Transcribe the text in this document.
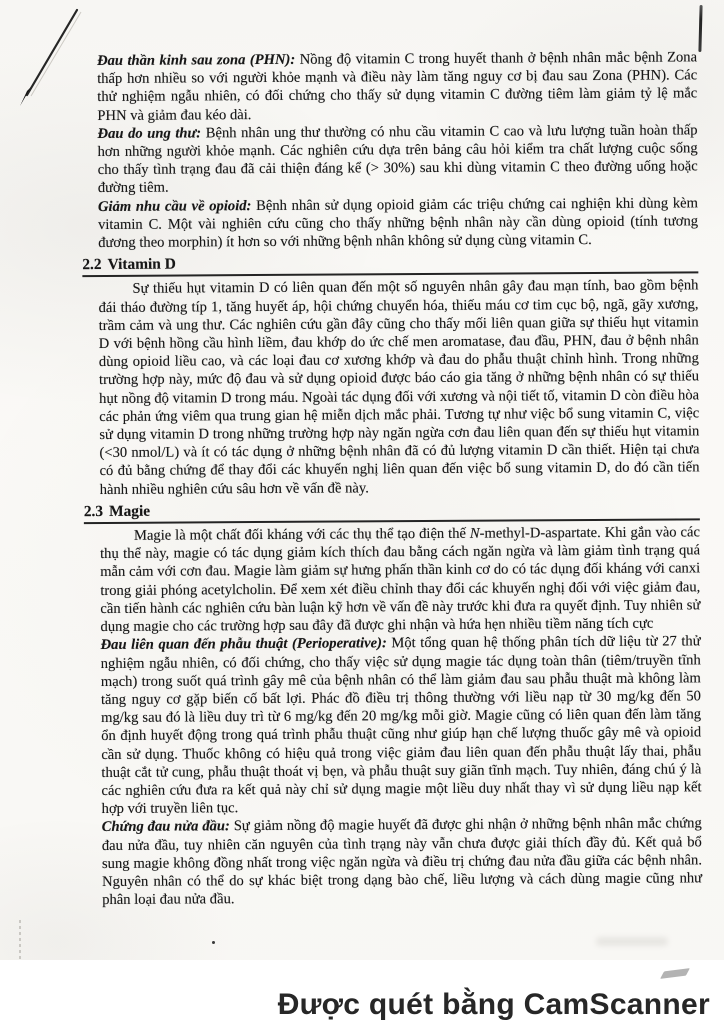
Đau thần kinh sau zona (PHN): Nồng độ vitamin C trong huyết thanh ở bệnh nhân mắc bệnh Zona thấp hơn nhiều so với người khỏe mạnh và điều này làm tăng nguy cơ bị đau sau Zona (PHN). Các thử nghiệm ngẫu nhiên, có đối chứng cho thấy sử dụng vitamin C đường tiêm làm giảm tỷ lệ mắc PHN và giảm đau kéo dài.

Đau do ung thư: Bệnh nhân ung thư thường có nhu cầu vitamin C cao và lưu lượng tuần hoàn thấp hơn những người khỏe mạnh. Các nghiên cứu dựa trên bảng câu hỏi kiểm tra chất lượng cuộc sống cho thấy tình trạng đau đã cải thiện đáng kể (> 30%) sau khi dùng vitamin C theo đường uống hoặc đường tiêm.

Giảm nhu cầu về opioid: Bệnh nhân sử dụng opioid giảm các triệu chứng cai nghiện khi dùng kèm vitamin C. Một vài nghiên cứu cũng cho thấy những bệnh nhân này cần dùng opioid (tính tương đương theo morphin) ít hơn so với những bệnh nhân không sử dụng cùng vitamin C.

2.2 Vitamin D

Sự thiếu hụt vitamin D có liên quan đến một số nguyên nhân gây đau mạn tính, bao gồm bệnh đái tháo đường típ 1, tăng huyết áp, hội chứng chuyển hóa, thiếu máu cơ tim cục bộ, ngã, gãy xương, trầm cảm và ung thư. Các nghiên cứu gần đây cũng cho thấy mối liên quan giữa sự thiếu hụt vitamin D với bệnh hồng cầu hình liềm, đau khớp do ức chế men aromatase, đau đầu, PHN, đau ở bệnh nhân dùng opioid liều cao, và các loại đau cơ xương khớp và đau do phẫu thuật chỉnh hình. Trong những trường hợp này, mức độ đau và sử dụng opioid được báo cáo gia tăng ở những bệnh nhân có sự thiếu hụt nồng độ vitamin D trong máu. Ngoài tác dụng đối với xương và nội tiết tố, vitamin D còn điều hòa các phản ứng viêm qua trung gian hệ miễn dịch mắc phải. Tương tự như việc bổ sung vitamin C, việc sử dụng vitamin D trong những trường hợp này ngăn ngừa cơn đau liên quan đến sự thiếu hụt vitamin (<30 nmol/L) và ít có tác dụng ở những bệnh nhân đã có đủ lượng vitamin D cần thiết. Hiện tại chưa có đủ bằng chứng để thay đổi các khuyến nghị liên quan đến việc bổ sung vitamin D, do đó cần tiến hành nhiều nghiên cứu sâu hơn về vấn đề này.

2.3 Magie

Magie là một chất đối kháng với các thụ thể tạo điện thế N-methyl-D-aspartate. Khi gắn vào các thụ thể này, magie có tác dụng giảm kích thích đau bằng cách ngăn ngừa và làm giảm tình trạng quá mẫn cảm với cơn đau. Magie làm giảm sự hưng phấn thần kinh cơ do có tác dụng đối kháng với canxi trong giải phóng acetylcholin. Để xem xét điều chỉnh thay đổi các khuyến nghị đối với việc giảm đau, cần tiến hành các nghiên cứu bàn luận kỹ hơn về vấn đề này trước khi đưa ra quyết định. Tuy nhiên sử dụng magie cho các trường hợp sau đây đã được ghi nhận và hứa hẹn nhiều tiềm năng tích cực

Đau liên quan đến phẫu thuật (Perioperative): Một tổng quan hệ thống phân tích dữ liệu từ 27 thử nghiệm ngẫu nhiên, có đối chứng, cho thấy việc sử dụng magie tác dụng toàn thân (tiêm/truyền tĩnh mạch) trong suốt quá trình gây mê của bệnh nhân có thể làm giảm đau sau phẫu thuật mà không làm tăng nguy cơ gặp biến cố bất lợi. Phác đồ điều trị thông thường với liều nạp từ 30 mg/kg đến 50 mg/kg sau đó là liều duy trì từ 6 mg/kg đến 20 mg/kg mỗi giờ. Magie cũng có liên quan đến làm tăng ổn định huyết động trong quá trình phẫu thuật cũng như giúp hạn chế lượng thuốc gây mê và opioid cần sử dụng. Thuốc không có hiệu quả trong việc giảm đau liên quan đến phẫu thuật lấy thai, phẫu thuật cắt tử cung, phẫu thuật thoát vị bẹn, và phẫu thuật suy giãn tĩnh mạch. Tuy nhiên, đáng chú ý là các nghiên cứu đưa ra kết quả này chỉ sử dụng magie một liều duy nhất thay vì sử dụng liều nạp kết hợp với truyền liên tục.

Chứng đau nửa đầu: Sự giảm nồng độ magie huyết đã được ghi nhận ở những bệnh nhân mắc chứng đau nửa đầu, tuy nhiên căn nguyên của tình trạng này vẫn chưa được giải thích đầy đủ. Kết quả bổ sung magie không đồng nhất trong việc ngăn ngừa và điều trị chứng đau nửa đầu giữa các bệnh nhân. Nguyên nhân có thể do sự khác biệt trong dạng bào chế, liều lượng và cách dùng magie cũng như phân loại đau nửa đầu.

Được quét bằng CamScanner
